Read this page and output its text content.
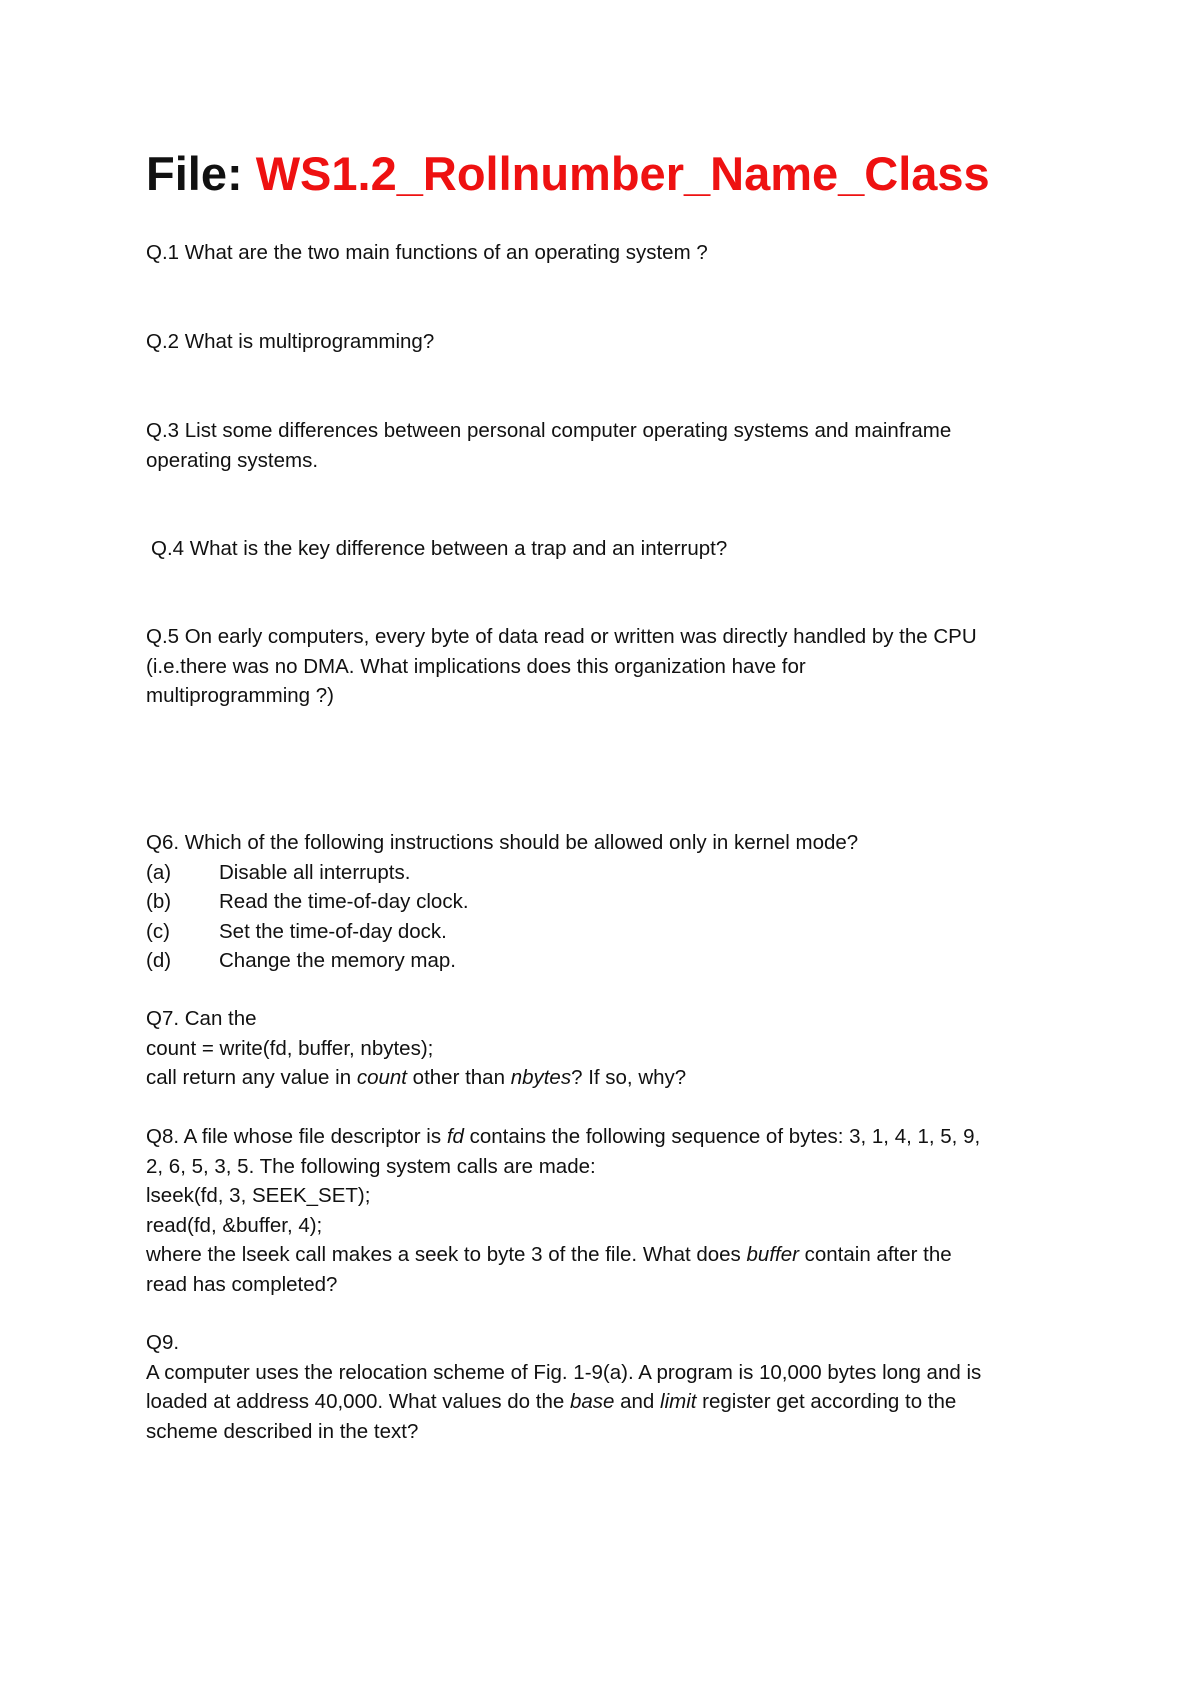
File: WS1.2_Rollnumber_Name_Class

Q.1 What are the two main functions of an operating system ?

Q.2 What is multiprogramming?

Q.3 List some differences between personal computer operating systems and mainframe
operating systems.

Q.4 What is the key difference between a trap and an interrupt?

Q.5 On early computers, every byte of data read or written was directly handled by the CPU
(i.e.there was no DMA. What implications does this organization have for
multiprogramming ?)

Q6. Which of the following instructions should be allowed only in kernel mode?
(a)	Disable all interrupts.
(b)	Read the time-of-day clock.
(c)	Set the time-of-day dock.
(d)	Change the memory map.
Q7. Can the
count = write(fd, buffer, nbytes);
call return any value in count other than nbytes? If so, why?
Q8. A file whose file descriptor is fd contains the following sequence of bytes: 3, 1, 4, 1, 5, 9,
2, 6, 5, 3, 5. The following system calls are made:
lseek(fd, 3, SEEK_SET);
read(fd, &buffer, 4);
where the lseek call makes a seek to byte 3 of the file. What does buffer contain after the
read has completed?
Q9.
A computer uses the relocation scheme of Fig. 1-9(a). A program is 10,000 bytes long and is
loaded at address 40,000. What values do the base and limit register get according to the
scheme described in the text?
